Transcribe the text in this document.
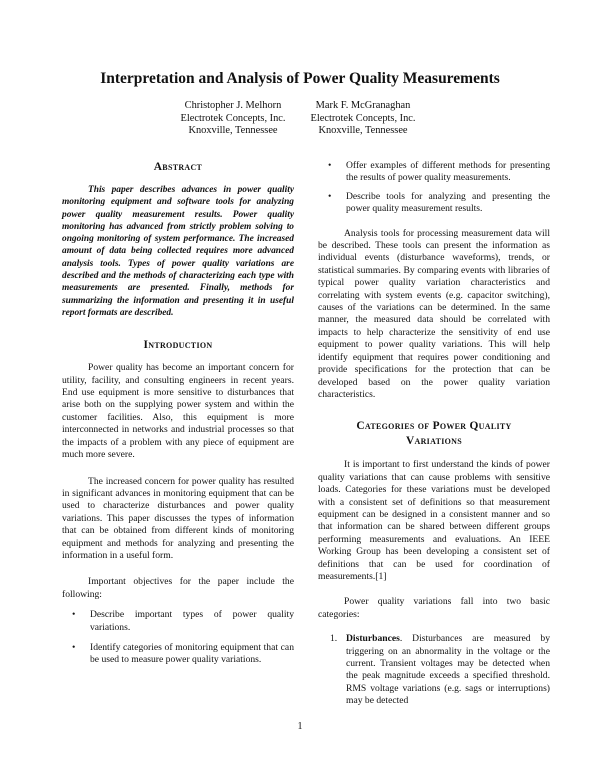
Interpretation and Analysis of Power Quality Measurements
Christopher J. Melhorn
Electrotek Concepts, Inc.
Knoxville, Tennessee
Mark F. McGranaghan
Electrotek Concepts, Inc.
Knoxville, Tennessee
Abstract

This paper describes advances in power quality monitoring equipment and software tools for analyzing power quality measurement results. Power quality monitoring has advanced from strictly problem solving to ongoing monitoring of system performance. The increased amount of data being collected requires more advanced analysis tools. Types of power quality variations are described and the methods of characterizing each type with measurements are presented. Finally, methods for summarizing the information and presenting it in useful report formats are described.

Introduction

Power quality has become an important concern for utility, facility, and consulting engineers in recent years. End use equipment is more sensitive to disturbances that arise both on the supplying power system and within the customer facilities. Also, this equipment is more interconnected in networks and industrial processes so that the impacts of a problem with any piece of equipment are much more severe.

The increased concern for power quality has resulted in significant advances in monitoring equipment that can be used to characterize disturbances and power quality variations. This paper discusses the types of information that can be obtained from different kinds of monitoring equipment and methods for analyzing and presenting the information in a useful form.

Important objectives for the paper include the following:

• Describe important types of power quality variations.
• Identify categories of monitoring equipment that can be used to measure power quality variations.
• Offer examples of different methods for presenting the results of power quality measurements.
• Describe tools for analyzing and presenting the power quality measurement results.

Analysis tools for processing measurement data will be described. These tools can present the information as individual events (disturbance waveforms), trends, or statistical summaries. By comparing events with libraries of typical power quality variation characteristics and correlating with system events (e.g. capacitor switching), causes of the variations can be determined. In the same manner, the measured data should be correlated with impacts to help characterize the sensitivity of end use equipment to power quality variations. This will help identify equipment that requires power conditioning and provide specifications for the protection that can be developed based on the power quality variation characteristics.

Categories of Power Quality
Variations

It is important to first understand the kinds of power quality variations that can cause problems with sensitive loads. Categories for these variations must be developed with a consistent set of definitions so that measurement equipment can be designed in a consistent manner and so that information can be shared between different groups performing measurements and evaluations. An IEEE Working Group has been developing a consistent set of definitions that can be used for coordination of measurements.[1]

Power quality variations fall into two basic categories:

1. Disturbances. Disturbances are measured by triggering on an abnormality in the voltage or the current. Transient voltages may be detected when the peak magnitude exceeds a specified threshold. RMS voltage variations (e.g. sags or interruptions) may be detected
1
